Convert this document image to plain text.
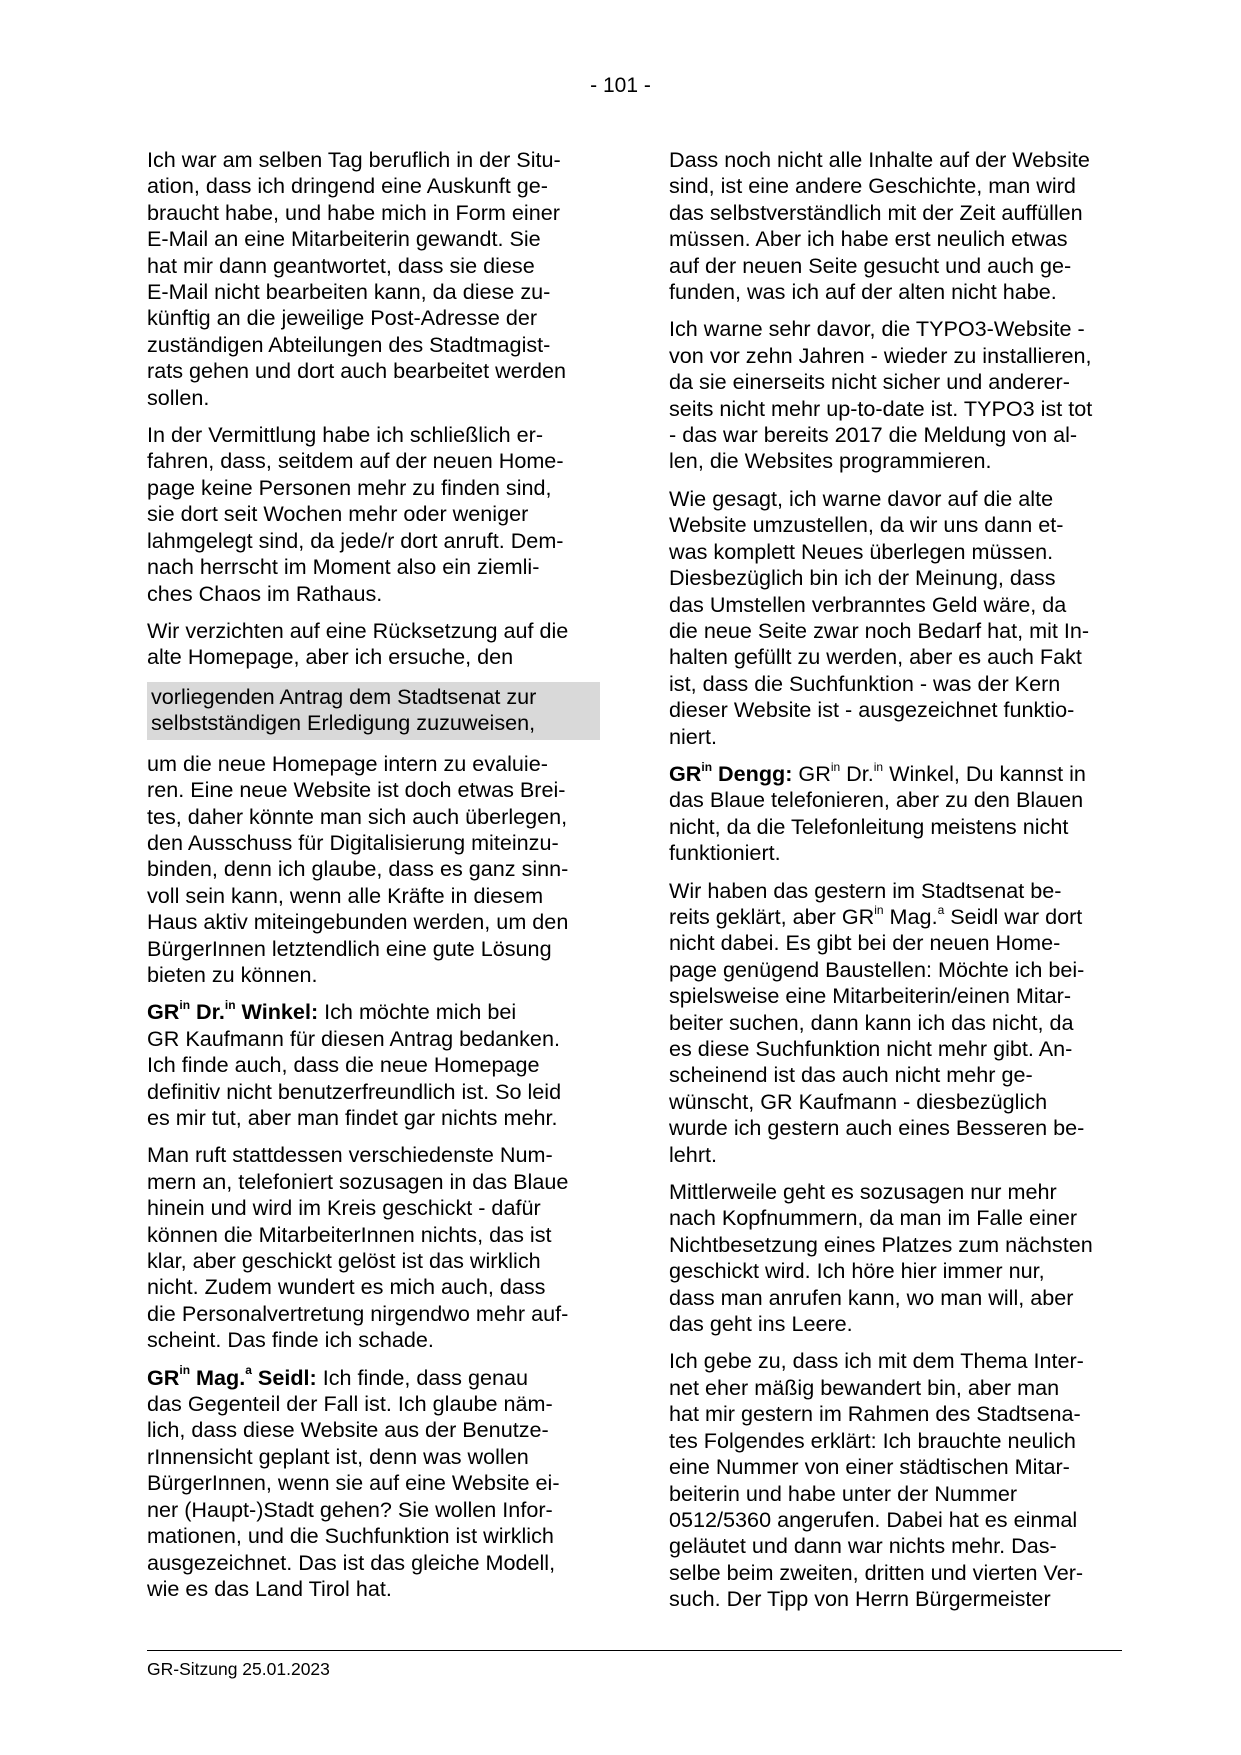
- 101 -

Ich war am selben Tag beruflich in der Situ-
ation, dass ich dringend eine Auskunft ge-
braucht habe, und habe mich in Form einer
E-Mail an eine Mitarbeiterin gewandt. Sie
hat mir dann geantwortet, dass sie diese
E-Mail nicht bearbeiten kann, da diese zu-
künftig an die jeweilige Post-Adresse der
zuständigen Abteilungen des Stadtmagist-
rats gehen und dort auch bearbeitet werden
sollen.

In der Vermittlung habe ich schließlich er-
fahren, dass, seitdem auf der neuen Home-
page keine Personen mehr zu finden sind,
sie dort seit Wochen mehr oder weniger
lahmgelegt sind, da jede/r dort anruft. Dem-
nach herrscht im Moment also ein ziemli-
ches Chaos im Rathaus.

Wir verzichten auf eine Rücksetzung auf die
alte Homepage, aber ich ersuche, den

vorliegenden Antrag dem Stadtsenat zur
selbstständigen Erledigung zuzuweisen,

um die neue Homepage intern zu evaluie-
ren. Eine neue Website ist doch etwas Brei-
tes, daher könnte man sich auch überlegen,
den Ausschuss für Digitalisierung miteinzu-
binden, denn ich glaube, dass es ganz sinn-
voll sein kann, wenn alle Kräfte in diesem
Haus aktiv miteingebunden werden, um den
BürgerInnen letztendlich eine gute Lösung
bieten zu können.

$GR^{in}$ Dr.$^{in}$ Winkel: Ich möchte mich bei
GR Kaufmann für diesen Antrag bedanken.
Ich finde auch, dass die neue Homepage
definitiv nicht benutzerfreundlich ist. So leid
es mir tut, aber man findet gar nichts mehr.

Man ruft stattdessen verschiedenste Num-
mern an, telefoniert sozusagen in das Blaue
hinein und wird im Kreis geschickt - dafür
können die MitarbeiterInnen nichts, das ist
klar, aber geschickt gelöst ist das wirklich
nicht. Zudem wundert es mich auch, dass
die Personalvertretung nirgendwo mehr auf-
scheint. Das finde ich schade.

$GR^{in}$ Mag.$^a$ Seidl: Ich finde, dass genau
das Gegenteil der Fall ist. Ich glaube näm-
lich, dass diese Website aus der Benutze-
rInnensicht geplant ist, denn was wollen
BürgerInnen, wenn sie auf eine Website ei-
ner (Haupt-)Stadt gehen? Sie wollen Infor-
mationen, und die Suchfunktion ist wirklich
ausgezeichnet. Das ist das gleiche Modell,
wie es das Land Tirol hat.

Dass noch nicht alle Inhalte auf der Website
sind, ist eine andere Geschichte, man wird
das selbstverständlich mit der Zeit auffüllen
müssen. Aber ich habe erst neulich etwas
auf der neuen Seite gesucht und auch ge-
funden, was ich auf der alten nicht habe.

Ich warne sehr davor, die TYPO3-Website -
von vor zehn Jahren - wieder zu installieren,
da sie einerseits nicht sicher und anderer-
seits nicht mehr up-to-date ist. TYPO3 ist tot
- das war bereits 2017 die Meldung von al-
len, die Websites programmieren.

Wie gesagt, ich warne davor auf die alte
Website umzustellen, da wir uns dann et-
was komplett Neues überlegen müssen.
Diesbezüglich bin ich der Meinung, dass
das Umstellen verbranntes Geld wäre, da
die neue Seite zwar noch Bedarf hat, mit In-
halten gefüllt zu werden, aber es auch Fakt
ist, dass die Suchfunktion - was der Kern
dieser Website ist - ausgezeichnet funktio-
niert.

$GR^{in}$ Dengg: $GR^{in}$ Dr.$^{in}$ Winkel, Du kannst in
das Blaue telefonieren, aber zu den Blauen
nicht, da die Telefonleitung meistens nicht
funktioniert.

Wir haben das gestern im Stadtsenat be-
reits geklärt, aber $GR^{in}$ Mag.$^a$ Seidl war dort
nicht dabei. Es gibt bei der neuen Home-
page genügend Baustellen: Möchte ich bei-
spielsweise eine Mitarbeiterin/einen Mitar-
beiter suchen, dann kann ich das nicht, da
es diese Suchfunktion nicht mehr gibt. An-
scheinend ist das auch nicht mehr ge-
wünscht, GR Kaufmann - diesbezüglich
wurde ich gestern auch eines Besseren be-
lehrt.

Mittlerweile geht es sozusagen nur mehr
nach Kopfnummern, da man im Falle einer
Nichtbesetzung eines Platzes zum nächsten
geschickt wird. Ich höre hier immer nur,
dass man anrufen kann, wo man will, aber
das geht ins Leere.

Ich gebe zu, dass ich mit dem Thema Inter-
net eher mäßig bewandert bin, aber man
hat mir gestern im Rahmen des Stadtsena-
tes Folgendes erklärt: Ich brauchte neulich
eine Nummer von einer städtischen Mitar-
beiterin und habe unter der Nummer
0512/5360 angerufen. Dabei hat es einmal
geläutet und dann war nichts mehr. Das-
selbe beim zweiten, dritten und vierten Ver-
such. Der Tipp von Herrn Bürgermeister

GR-Sitzung 25.01.2023
